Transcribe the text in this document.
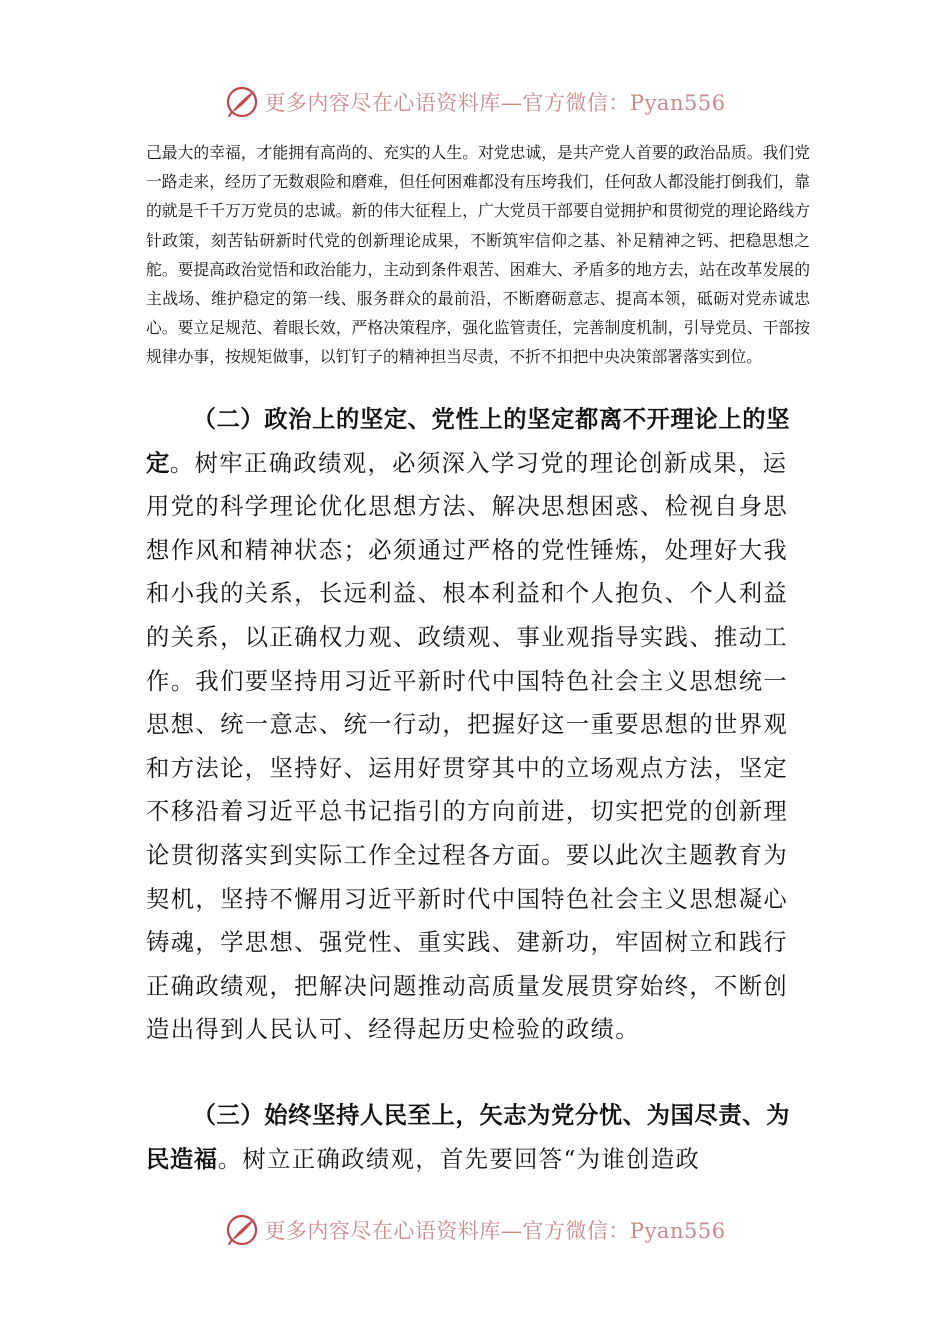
更多内容尽在心语资料库—官方微信：Pyan556

己最大的幸福，才能拥有高尚的、充实的人生。对党忠诚，是共产党人首要的政治品质。我们党一路走来，经历了无数艰险和磨难，但任何困难都没有压垮我们，任何敌人都没能打倒我们，靠的就是千千万万党员的忠诚。新的伟大征程上，广大党员干部要自觉拥护和贯彻党的理论路线方针政策，刻苦钻研新时代党的创新理论成果，不断筑牢信仰之基、补足精神之钙、把稳思想之舵。要提高政治觉悟和政治能力，主动到条件艰苦、困难大、矛盾多的地方去，站在改革发展的主战场、维护稳定的第一线、服务群众的最前沿，不断磨砺意志、提高本领，砥砺对党赤诚忠心。要立足规范、着眼长效，严格决策程序，强化监管责任，完善制度机制，引导党员、干部按规律办事，按规矩做事，以钉钉子的精神担当尽责，不折不扣把中央决策部署落实到位。

（二）政治上的坚定、党性上的坚定都离不开理论上的坚定。树牢正确政绩观，必须深入学习党的理论创新成果，运用党的科学理论优化思想方法、解决思想困惑、检视自身思想作风和精神状态；必须通过严格的党性锤炼，处理好大我和小我的关系，长远利益、根本利益和个人抱负、个人利益的关系，以正确权力观、政绩观、事业观指导实践、推动工作。我们要坚持用习近平新时代中国特色社会主义思想统一思想、统一意志、统一行动，把握好这一重要思想的世界观和方法论，坚持好、运用好贯穿其中的立场观点方法，坚定不移沿着习近平总书记指引的方向前进，切实把党的创新理论贯彻落实到实际工作全过程各方面。要以此次主题教育为契机，坚持不懈用习近平新时代中国特色社会主义思想凝心铸魂，学思想、强党性、重实践、建新功，牢固树立和践行正确政绩观，把解决问题推动高质量发展贯穿始终，不断创造出得到人民认可、经得起历史检验的政绩。

（三）始终坚持人民至上，矢志为党分忧、为国尽责、为民造福。树立正确政绩观，首先要回答“为谁创造政

更多内容尽在心语资料库—官方微信：Pyan556
